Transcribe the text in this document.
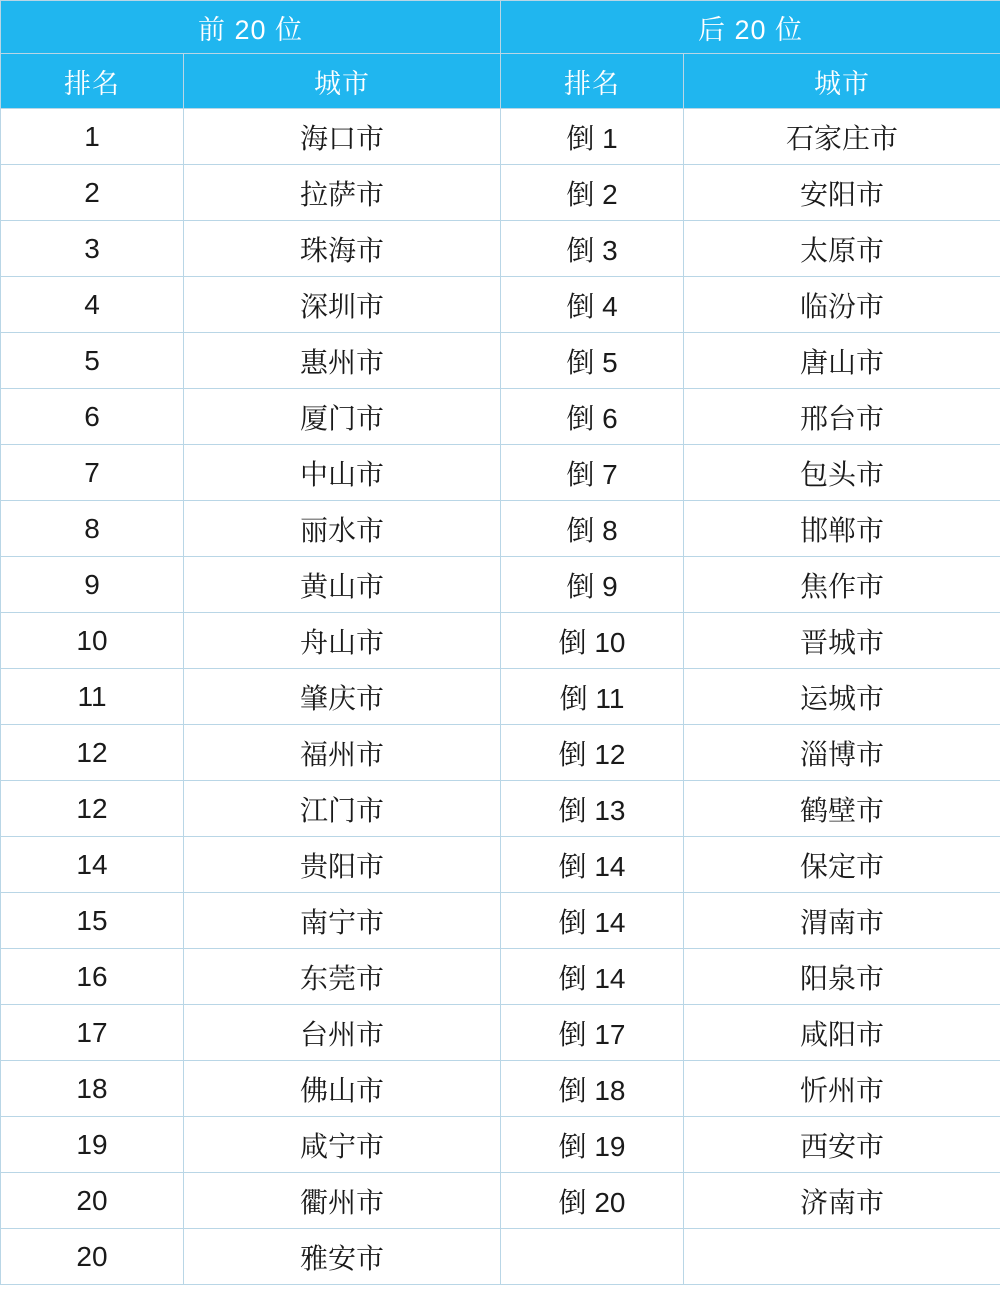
前 20 位		后 20 位	
排名	城市	排名	城市
1	海口市	倒 1	石家庄市
2	拉萨市	倒 2	安阳市
3	珠海市	倒 3	太原市
4	深圳市	倒 4	临汾市
5	惠州市	倒 5	唐山市
6	厦门市	倒 6	邢台市
7	中山市	倒 7	包头市
8	丽水市	倒 8	邯郸市
9	黄山市	倒 9	焦作市
10	舟山市	倒 10	晋城市
11	肇庆市	倒 11	运城市
12	福州市	倒 12	淄博市
12	江门市	倒 13	鹤壁市
14	贵阳市	倒 14	保定市
15	南宁市	倒 14	渭南市
16	东莞市	倒 14	阳泉市
17	台州市	倒 17	咸阳市
18	佛山市	倒 18	忻州市
19	咸宁市	倒 19	西安市
20	衢州市	倒 20	济南市
20	雅安市		
